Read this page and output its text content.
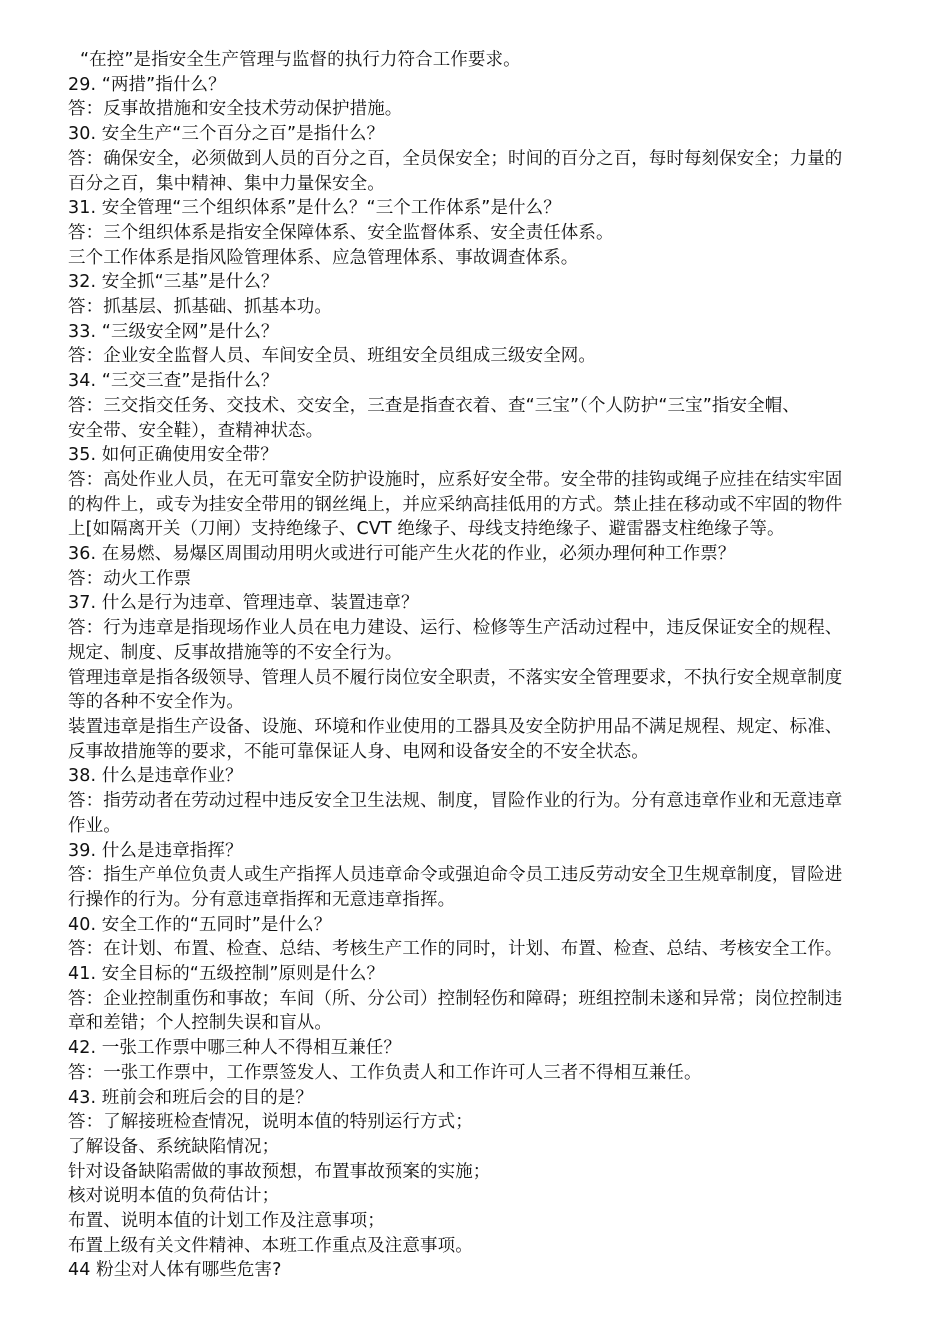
“在控”是指安全生产管理与监督的执行力符合工作要求。
29. “两措”指什么？
答：反事故措施和安全技术劳动保护措施。
30. 安全生产“三个百分之百”是指什么？
答：确保安全，必须做到人员的百分之百，全员保安全；时间的百分之百，每时每刻保安全；力量的
百分之百，集中精神、集中力量保安全。
31. 安全管理“三个组织体系”是什么？“三个工作体系”是什么？
答：三个组织体系是指安全保障体系、安全监督体系、安全责任体系。
三个工作体系是指风险管理体系、应急管理体系、事故调查体系。
32. 安全抓“三基”是什么？
答：抓基层、抓基础、抓基本功。
33. “三级安全网”是什么？
答：企业安全监督人员、车间安全员、班组安全员组成三级安全网。
34. “三交三查”是指什么？
答：三交指交任务、交技术、交安全，三查是指查衣着、查“三宝”（个人防护“三宝”指安全帽、
安全带、安全鞋），查精神状态。
35. 如何正确使用安全带？
答：高处作业人员，在无可靠安全防护设施时，应系好安全带。安全带的挂钩或绳子应挂在结实牢固
的构件上，或专为挂安全带用的钢丝绳上，并应采纳高挂低用的方式。禁止挂在移动或不牢固的物件
上[如隔离开关（刀闸）支持绝缘子、CVT 绝缘子、母线支持绝缘子、避雷器支柱绝缘子等。
36. 在易燃、易爆区周围动用明火或进行可能产生火花的作业，必须办理何种工作票？
答：动火工作票
37. 什么是行为违章、管理违章、装置违章？
答：行为违章是指现场作业人员在电力建设、运行、检修等生产活动过程中，违反保证安全的规程、
规定、制度、反事故措施等的不安全行为。
管理违章是指各级领导、管理人员不履行岗位安全职责，不落实安全管理要求，不执行安全规章制度
等的各种不安全作为。
装置违章是指生产设备、设施、环境和作业使用的工器具及安全防护用品不满足规程、规定、标准、
反事故措施等的要求，不能可靠保证人身、电网和设备安全的不安全状态。
38. 什么是违章作业？
答：指劳动者在劳动过程中违反安全卫生法规、制度，冒险作业的行为。分有意违章作业和无意违章
作业。
39. 什么是违章指挥？
答：指生产单位负责人或生产指挥人员违章命令或强迫命令员工违反劳动安全卫生规章制度，冒险进
行操作的行为。分有意违章指挥和无意违章指挥。
40. 安全工作的“五同时”是什么？
答：在计划、布置、检查、总结、考核生产工作的同时，计划、布置、检查、总结、考核安全工作。
41. 安全目标的“五级控制”原则是什么？
答：企业控制重伤和事故；车间（所、分公司）控制轻伤和障碍；班组控制未遂和异常；岗位控制违
章和差错；个人控制失误和盲从。
42. 一张工作票中哪三种人不得相互兼任？
答：一张工作票中，工作票签发人、工作负责人和工作许可人三者不得相互兼任。
43. 班前会和班后会的目的是？
答：了解接班检查情况，说明本值的特别运行方式；
了解设备、系统缺陷情况；
针对设备缺陷需做的事故预想，布置事故预案的实施；
核对说明本值的负荷估计；
布置、说明本值的计划工作及注意事项；
布置上级有关文件精神、本班工作重点及注意事项。
44 粉尘对人体有哪些危害?
